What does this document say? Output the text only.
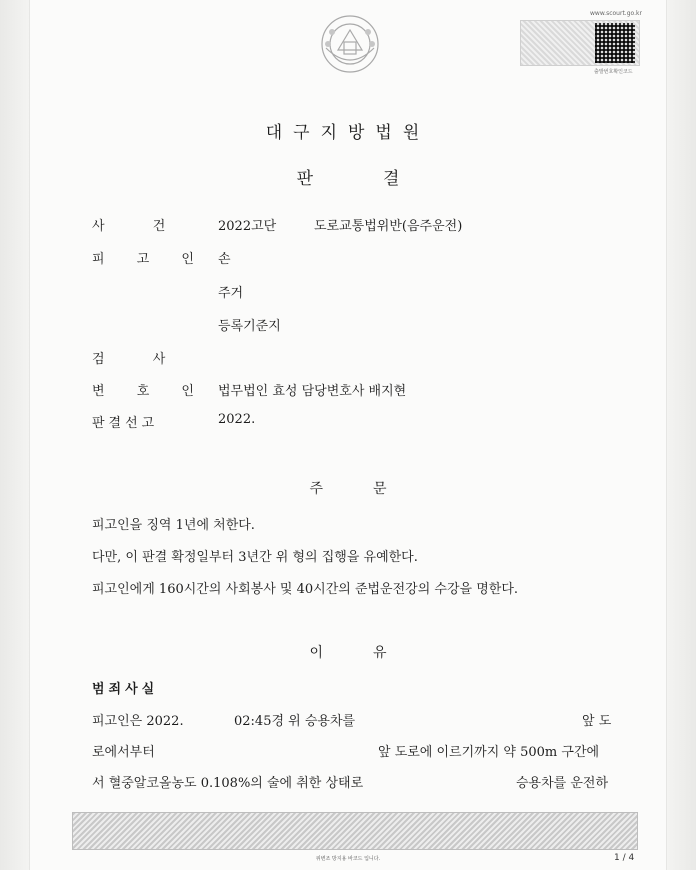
www.scourt.go.kr
출발번호확인코드
대구지방법원
판	결
사 건 2022고단	도로교통법위반(음주운전)
피 고 인 손
주거
등록기준지
검 사
변 호 인 법무법인 효성 담당변호사 배지현
판결선고	2022.
주	문
피고인을 징역 1년에 처한다.
다만, 이 판결 확정일부터 3년간 위 형의 집행을 유예한다.
피고인에게 160시간의 사회봉사 및 40시간의 준법운전강의 수강을 명한다.
이	유
범죄사실
피고인은 2022.	02:45경 위 승용차를	앞 도
로에서부터	앞 도로에 이르기까지 약 500m 구간에
서 혈중알코올농도 0.108%의 술에 취한 상태로	승용차를 운전하
위변조 방지용 바코드 입니다.	1 / 4
